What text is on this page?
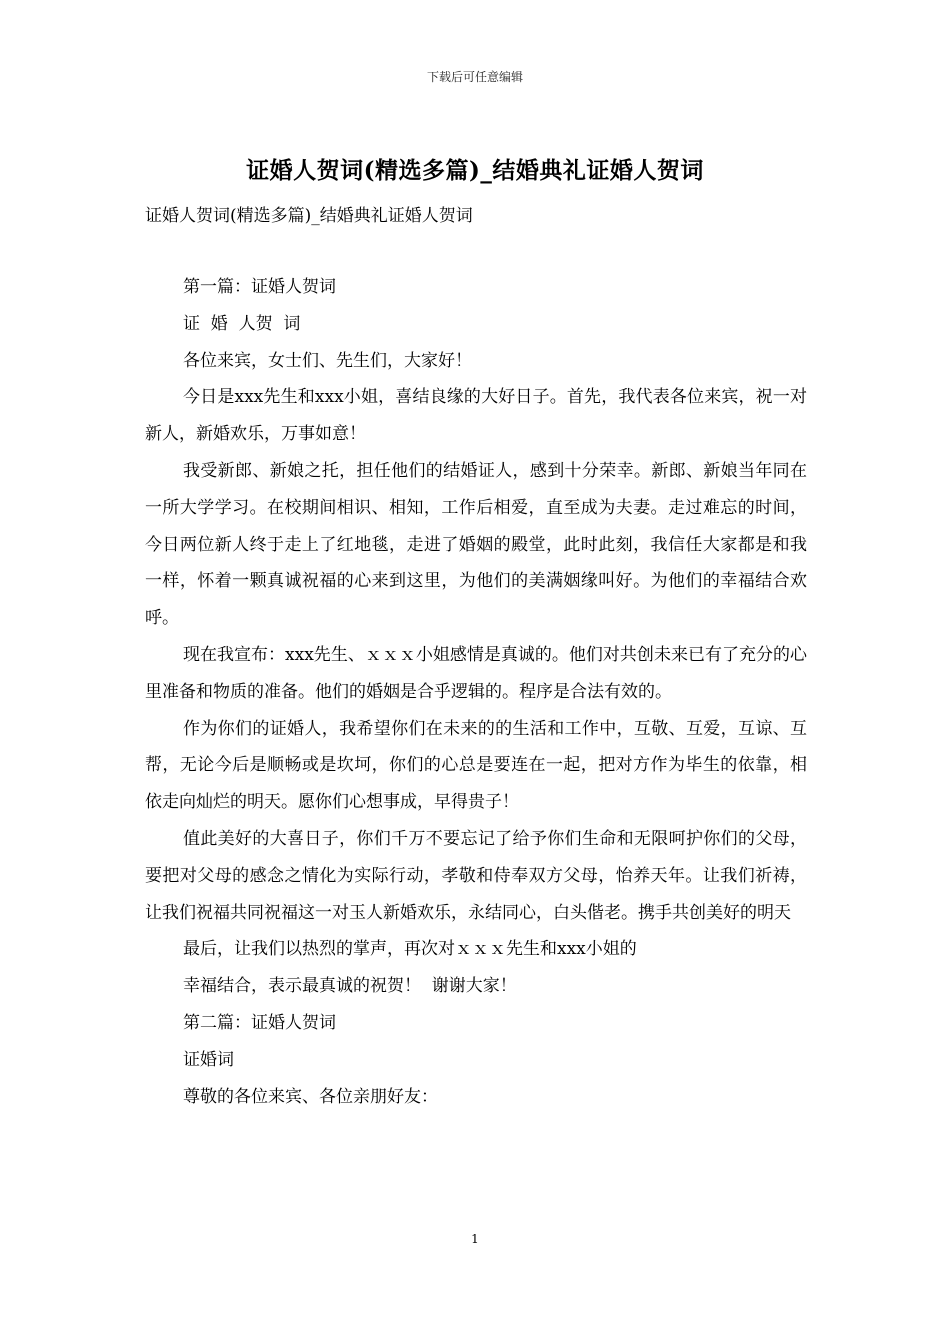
下载后可任意编辑
证婚人贺词(精选多篇)_结婚典礼证婚人贺词
证婚人贺词(精选多篇)_结婚典礼证婚人贺词

第一篇：证婚人贺词

证  婚  人贺  词

各位来宾，女士们、先生们，大家好！

今日是xxx先生和xxx小姐，喜结良缘的大好日子。首先，我代表各位来宾，祝一对新人，新婚欢乐，万事如意！

我受新郎、新娘之托，担任他们的结婚证人，感到十分荣幸。新郎、新娘当年同在一所大学学习。在校期间相识、相知，工作后相爱，直至成为夫妻。走过难忘的时间，今日两位新人终于走上了红地毯，走进了婚姻的殿堂，此时此刻，我信任大家都是和我一样，怀着一颗真诚祝福的心来到这里，为他们的美满姻缘叫好。为他们的幸福结合欢呼。

现在我宣布：xxx先生、ｘｘｘ小姐感情是真诚的。他们对共创未来已有了充分的心里准备和物质的准备。他们的婚姻是合乎逻辑的。程序是合法有效的。

作为你们的证婚人，我希望你们在未来的的生活和工作中，互敬、互爱，互谅、互帮，无论今后是顺畅或是坎坷，你们的心总是要连在一起，把对方作为毕生的依靠，相依走向灿烂的明天。愿你们心想事成，早得贵子！

值此美好的大喜日子，你们千万不要忘记了给予你们生命和无限呵护你们的父母，要把对父母的感念之情化为实际行动，孝敬和侍奉双方父母，怡养天年。让我们祈祷，让我们祝福共同祝福这一对玉人新婚欢乐，永结同心，白头偕老。携手共创美好的明天

最后，让我们以热烈的掌声，再次对ｘｘｘ先生和xxx小姐的

幸福结合，表示最真诚的祝贺！  谢谢大家！

第二篇：证婚人贺词

证婚词

尊敬的各位来宾、各位亲朋好友：

1
